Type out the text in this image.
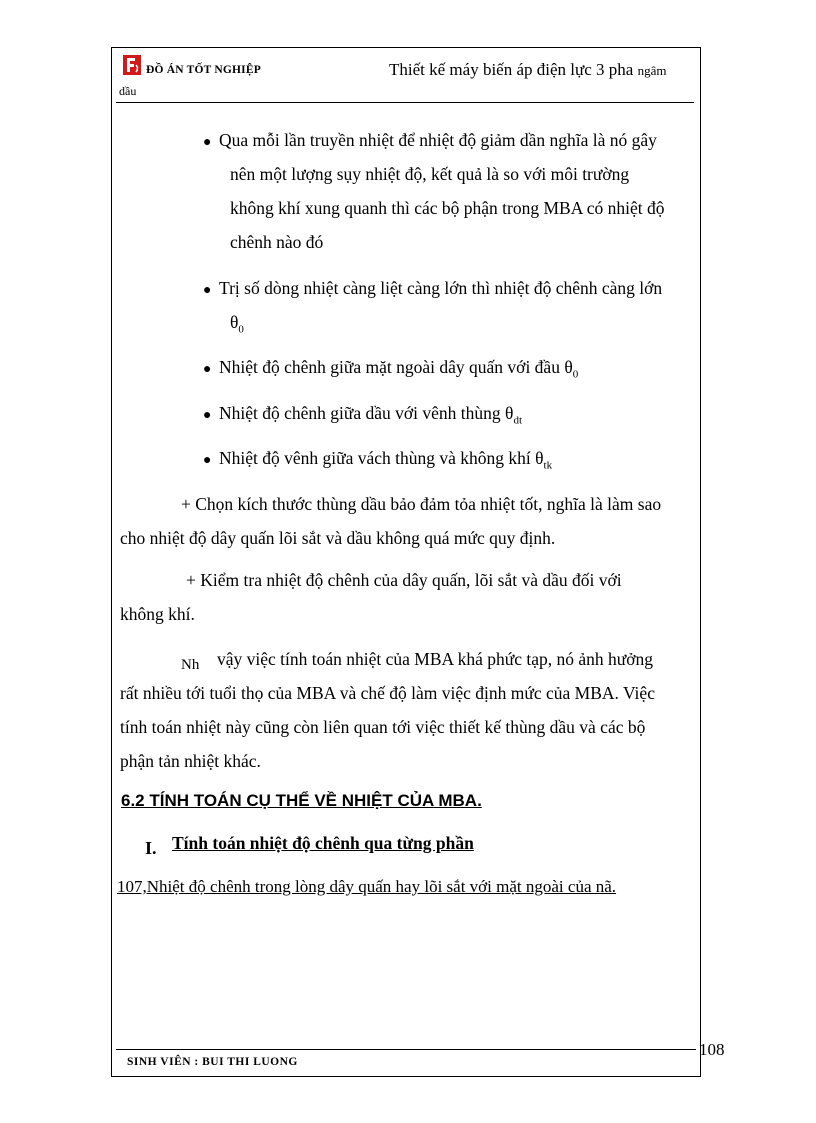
ĐỒ ÁN TỐT NGHIỆP	Thiết kế máy biến áp điện lực 3 pha ngâm
dầu
● Qua mỗi lần truyền nhiệt để nhiệt độ giảm dần nghĩa là nó gây
nên một lượng sụy nhiệt độ, kết quả là so với môi trường
không khí xung quanh thì các bộ phận trong MBA có nhiệt độ
chênh nào đó
● Trị số dòng nhiệt càng liệt càng lớn thì nhiệt độ chênh càng lớn
$\theta_0$
● Nhiệt độ chênh giữa mặt ngoài dây quấn với đầu $\theta_0$
● Nhiệt độ chênh giữa dầu với vênh thùng $\theta_{dt}$
● Nhiệt độ vênh giữa vách thùng và không khí $\theta_{tk}$
+ Chọn kích thước thùng dầu bảo đảm tỏa nhiệt tốt, nghĩa là làm sao
cho nhiệt độ dây quấn lõi sắt và dầu không quá mức quy định.
+ Kiểm tra nhiệt độ chênh của dây quấn, lõi sắt và dầu đối với
không khí.
Nh vậy việc tính toán nhiệt của MBA khá phức tạp, nó ảnh hưởng
rất nhiều tới tuổi thọ của MBA và chế độ làm việc định mức của MBA. Việc
tính toán nhiệt này cũng còn liên quan tới việc thiết kế thùng dầu và các bộ
phận tản nhiệt khác.
6.2 TÍNH TOÁN CỤ THỂ VỀ NHIỆT CỦA MBA.
I. Tính toán nhiệt độ chênh qua từng phần
107,Nhiệt độ chênh trong lòng dây quấn hay lõi sắt với mặt ngoài của nã.
108
SINH VIÊN : BUI THI LUONG
